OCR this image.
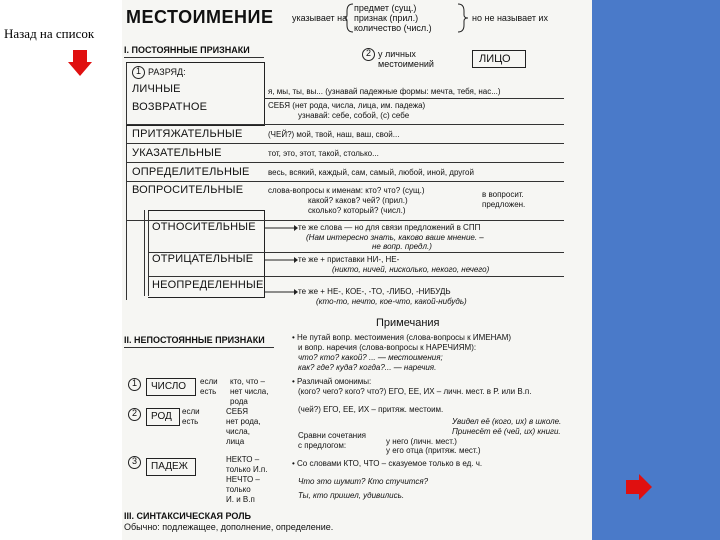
Назад на список
МЕСТОИМЕНИЕ указывает на
предмет (сущ.)
признак (прил.)
количество (числ.)
но не называет их
I. ПОСТОЯННЫЕ ПРИЗНАКИ
1 РАЗРЯД:
2 у личных
местоимений	ЛИЦО
ЛИЧНЫЕ	я, мы, ты, вы... (узнавай падежные формы: мечта, тебя, нас...)
ВОЗВРАТНОЕ	СЕБЯ (нет рода, числа, лица, им. падежа)
узнавай: себе, собой, (с) себе
ПРИТЯЖАТЕЛЬНЫЕ	(ЧЕЙ?) мой, твой, наш, ваш, свой...
УКАЗАТЕЛЬНЫЕ	тот, это, этот, такой, столько...
ОПРЕДЕЛИТЕЛЬНЫЕ весь, всякий, каждый, сам, самый, любой, иной, другой
ВОПРОСИТЕЛЬНЫЕ	слова-вопросы к именам: кто? что? (сущ.)
какой? каков? чей? (прил.)
сколько? который? (числ.)
в вопросит. предложен.
ОТНОСИТЕЛЬНЫЕ	те же слова — но для связи предложений в СПП
(Нам интересно знать, каково ваше мнение. –
не вопр. предл.)
ОТРИЦАТЕЛЬНЫЕ	те же + приставки НИ-, НЕ-
(никто, ничей, нисколько, некого, нечего)
НЕОПРЕДЕЛЕННЫЕ
те же + НЕ-, КОЕ-, -ТО, -ЛИБО, -НИБУДЬ
(кто-то, нечто, кое-что, какой-нибудь)
Примечания
II. НЕПОСТОЯННЫЕ ПРИЗНАКИ	• Не путай вопр. местоимения (слова-вопросы к ИМЕНАМ)
и вопр. наречия (слова-вопросы к НАРЕЧИЯМ):
что? кто? какой? ... — местоимения;
как? где? куда? когда?... — наречия.
1	ЧИСЛО если
есть
кто, что –
нет числа,
рода
• Различай омонимы:
(кого? чего? кого? что?) ЕГО, ЕЕ, ИХ – личн. мест. в Р. или В.п.
(чей?) ЕГО, ЕЕ, ИХ – притяж. местоим.
2	РОД если
есть
СЕБЯ
нет рода,
числа,
лица
Увидел её (кого, их) в школе.
Принесёт её (чей, их) книги.
Сравни сочетания
с предлогом:	у него (личн. мест.)
у его отца (притяж. мест.)
3	ПАДЕЖ
НЕКТО –
только И.п.
НЕЧТО –
только
И. и В.п
• Со словами КТО, ЧТО – сказуемое только в ед. ч.
Что это шумит? Кто стучится?
Ты, кто пришел, удивились.
III. СИНТАКСИЧЕСКАЯ РОЛЬ
Обычно: подлежащее, дополнение, определение.
